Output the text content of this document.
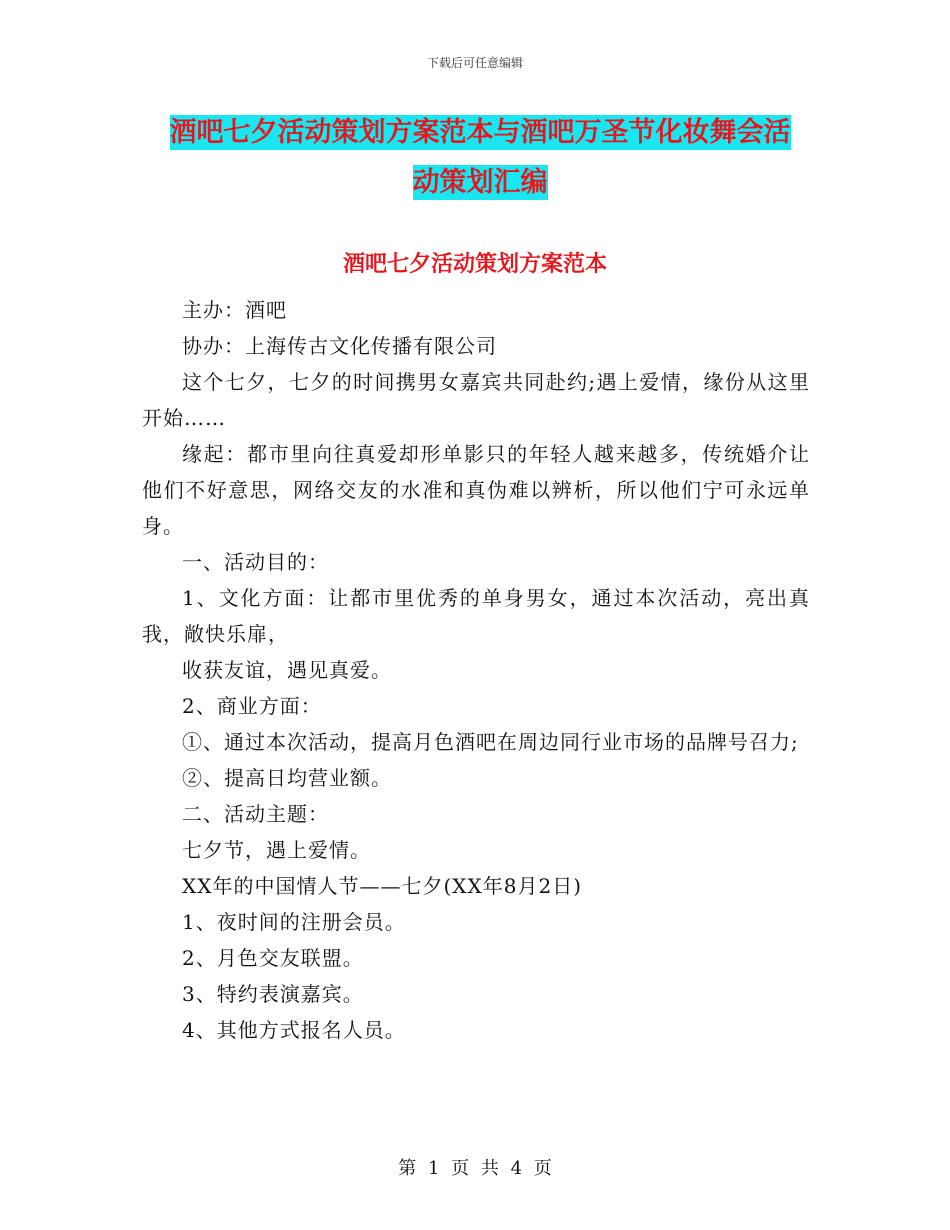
下载后可任意编辑
酒吧七夕活动策划方案范本与酒吧万圣节化妆舞会活
动策划汇编
酒吧七夕活动策划方案范本

主办：酒吧

协办：上海传古文化传播有限公司

这个七夕，七夕的时间携男女嘉宾共同赴约;遇上爱情，缘份从这里开始……

缘起：都市里向往真爱却形单影只的年轻人越来越多，传统婚介让他们不好意思，网络交友的水准和真伪难以辨析，所以他们宁可永远单身。

一、活动目的：

1、文化方面：让都市里优秀的单身男女，通过本次活动，亮出真我，敞快乐扉，

收获友谊，遇见真爱。

2、商业方面：

①、通过本次活动，提高月色酒吧在周边同行业市场的品牌号召力;

②、提高日均营业额。

二、活动主题：

七夕节，遇上爱情。

XX年的中国情人节——七夕(XX年8月2日)

1、夜时间的注册会员。

2、月色交友联盟。

3、特约表演嘉宾。

4、其他方式报名人员。

第 1 页 共 4 页
